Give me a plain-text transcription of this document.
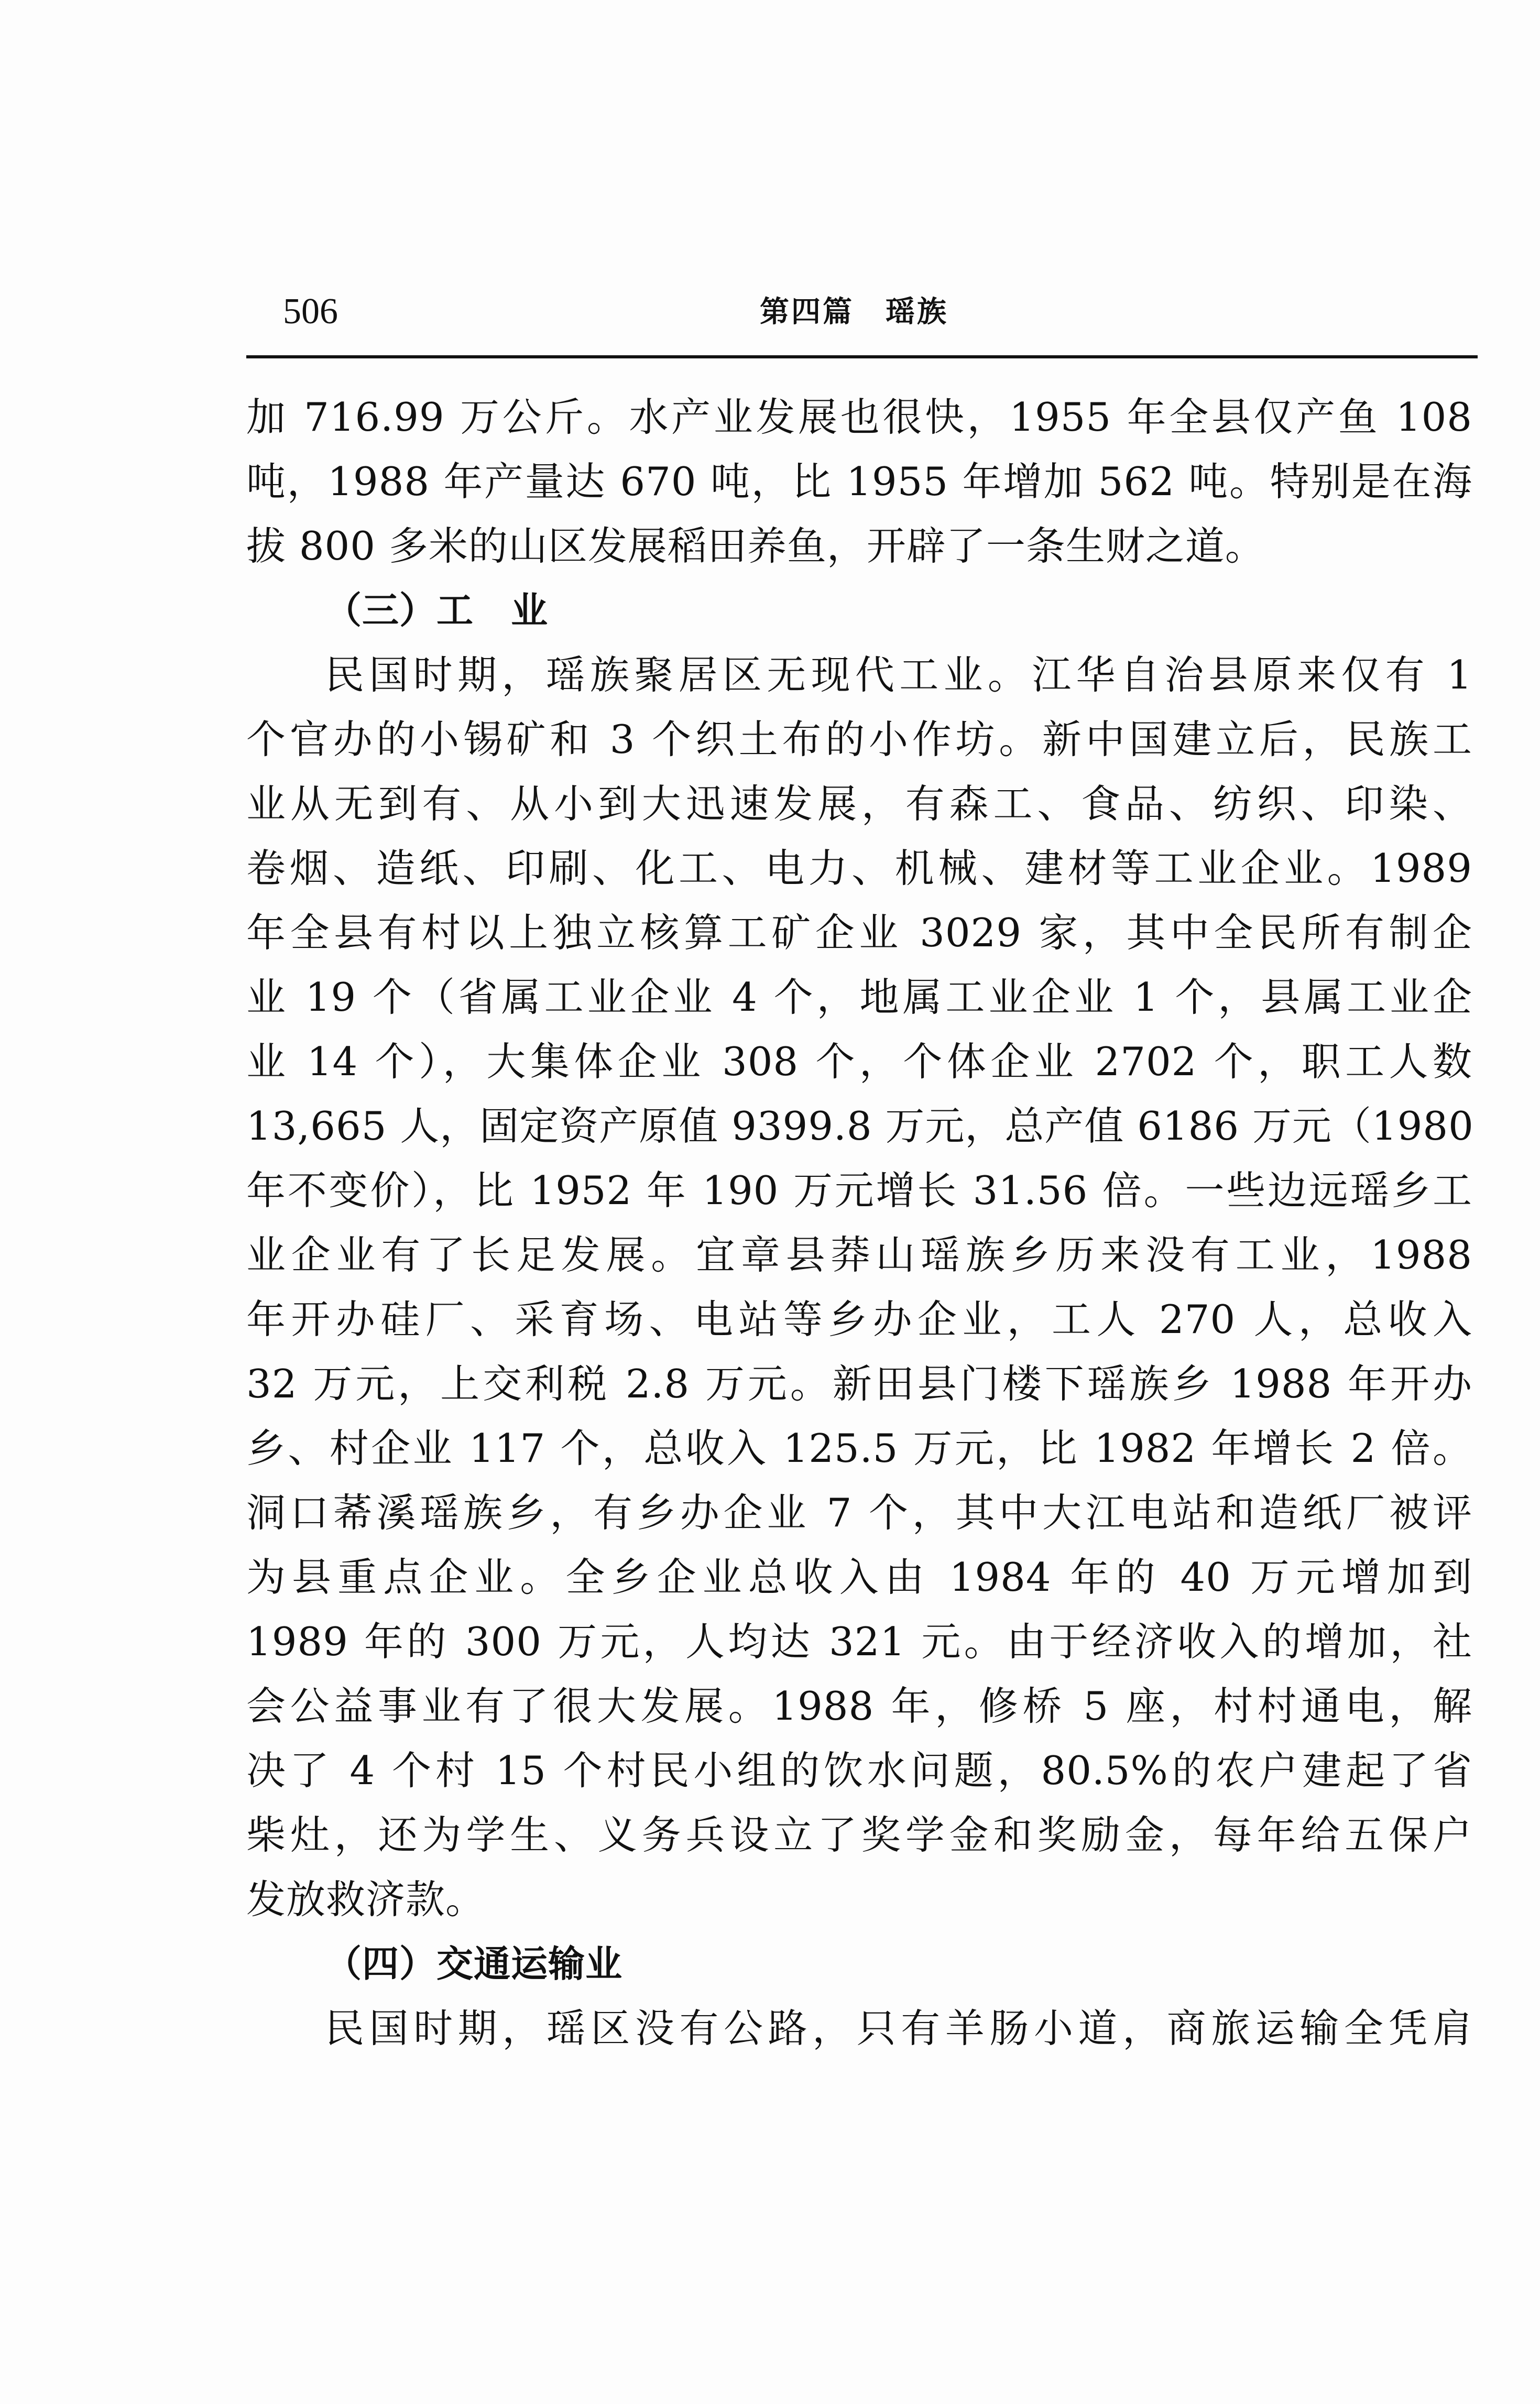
506	第四篇　瑶族
加 716.99 万公斤。水产业发展也很快，1955 年全县仅产鱼 108
吨，1988 年产量达 670 吨，比 1955 年增加 562 吨。特别是在海
拔 800 多米的山区发展稻田养鱼，开辟了一条生财之道。
（三）工　业
民国时期，瑶族聚居区无现代工业。江华自治县原来仅有 1
个官办的小锡矿和 3 个织土布的小作坊。新中国建立后，民族工
业从无到有、从小到大迅速发展，有森工、食品、纺织、印染、
卷烟、造纸、印刷、化工、电力、机械、建材等工业企业。1989
年全县有村以上独立核算工矿企业 3029 家，其中全民所有制企
业 19 个（省属工业企业 4 个，地属工业企业 1 个，县属工业企
业 14 个），大集体企业 308 个，个体企业 2702 个，职工人数
13,665 人，固定资产原值 9399.8 万元，总产值 6186 万元（1980
年不变价），比 1952 年 190 万元增长 31.56 倍。一些边远瑶乡工
业企业有了长足发展。宜章县莽山瑶族乡历来没有工业，1988
年开办硅厂、采育场、电站等乡办企业，工人 270 人，总收入
32 万元，上交利税 2.8 万元。新田县门楼下瑶族乡 1988 年开办
乡、村企业 117 个，总收入 125.5 万元，比 1982 年增长 2 倍。
洞口莃溪瑶族乡，有乡办企业 7 个，其中大江电站和造纸厂被评
为县重点企业。全乡企业总收入由 1984 年的 40 万元增加到
1989 年的 300 万元，人均达 321 元。由于经济收入的增加，社
会公益事业有了很大发展。1988 年，修桥 5 座，村村通电，解
决了 4 个村 15 个村民小组的饮水问题，80.5%的农户建起了省
柴灶，还为学生、义务兵设立了奖学金和奖励金，每年给五保户
发放救济款。
（四）交通运输业
民国时期，瑶区没有公路，只有羊肠小道，商旅运输全凭肩
